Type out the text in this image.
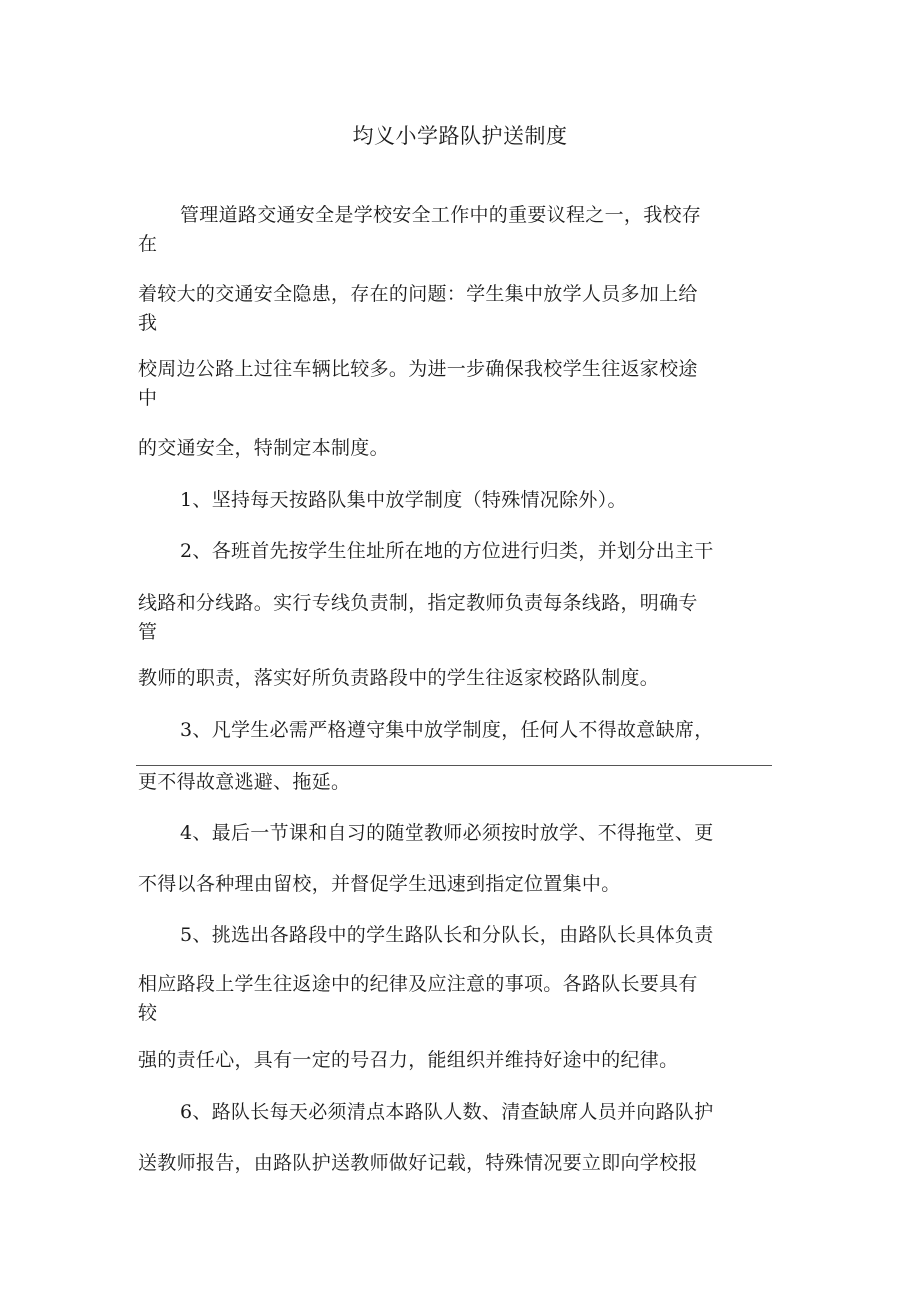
均义小学路队护送制度
管理道路交通安全是学校安全工作中的重要议程之一，我校存
在
着较大的交通安全隐患，存在的问题：学生集中放学人员多加上给
我
校周边公路上过往车辆比较多。为进一步确保我校学生往返家校途
中
的交通安全，特制定本制度。
1、坚持每天按路队集中放学制度（特殊情况除外）。
2、各班首先按学生住址所在地的方位进行归类，并划分出主干
线路和分线路。实行专线负责制，指定教师负责每条线路，明确专
管
教师的职责，落实好所负责路段中的学生往返家校路队制度。
3、凡学生必需严格遵守集中放学制度，任何人不得故意缺席，
更不得故意逃避、拖延。
4、最后一节课和自习的随堂教师必须按时放学、不得拖堂、更
不得以各种理由留校，并督促学生迅速到指定位置集中。
5、挑选出各路段中的学生路队长和分队长，由路队长具体负责
相应路段上学生往返途中的纪律及应注意的事项。各路队长要具有
较
强的责任心，具有一定的号召力，能组织并维持好途中的纪律。
6、路队长每天必须清点本路队人数、清查缺席人员并向路队护
送教师报告，由路队护送教师做好记载，特殊情况要立即向学校报
